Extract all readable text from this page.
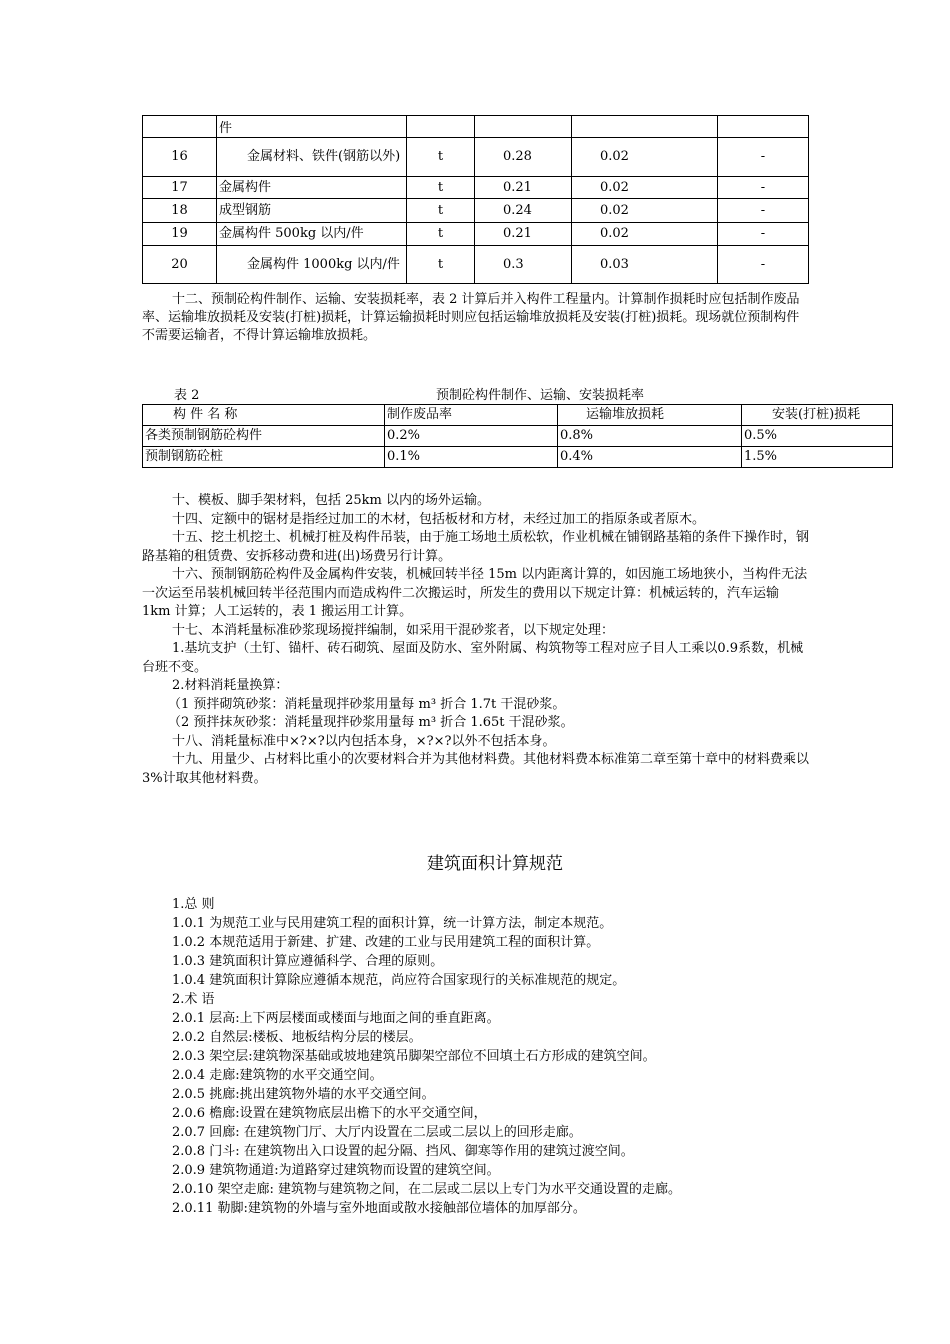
	件				
16	金属材料、铁件(钢筋以外)	t	0.28	0.02	-
17	金属构件	t	0.21	0.02	-
18	成型钢筋	t	0.24	0.02	-
19	金属构件 500kg 以内/件	t	0.21	0.02	-
20	金属构件 1000kg 以内/件	t	0.3	0.03	-

十二、预制砼构件制作、运输、安装损耗率，表 2 计算后并入构件工程量内。计算制作损耗时应包括制作废品率、运输堆放损耗及安装(打桩)损耗，计算运输损耗时则应包括运输堆放损耗及安装(打桩)损耗。现场就位预制构件不需要运输者，不得计算运输堆放损耗。

表 2	预制砼构件制作、运输、安装损耗率
构 件 名 称	制作废品率	运输堆放损耗	安装(打桩)损耗
各类预制钢筋砼构件	0.2%	0.8%	0.5%
预制钢筋砼桩	0.1%	0.4%	1.5%

十、模板、脚手架材料，包括 25km 以内的场外运输。

十四、定额中的锯材是指经过加工的木材，包括板材和方材，未经过加工的指原条或者原木。

十五、挖土机挖土、机械打桩及构件吊装，由于施工场地土质松软，作业机械在铺钢路基箱的条件下操作时，钢路基箱的租赁费、安拆移动费和进(出)场费另行计算。

十六、预制钢筋砼构件及金属构件安装，机械回转半径 15m 以内距离计算的，如因施工场地狭小，当构件无法一次运至吊装机械回转半径范围内而造成构件二次搬运时，所发生的费用以下规定计算：机械运转的，汽车运输 1km 计算；人工运转的，表 1 搬运用工计算。

十七、本消耗量标准砂浆现场搅拌编制，如采用干混砂浆者，以下规定处理：

1.基坑支护（土钉、锚杆、砖石砌筑、屋面及防水、室外附属、构筑物等工程对应子目人工乘以0.9系数，机械台班不变。

2.材料消耗量换算：

（1 预拌砌筑砂浆：消耗量现拌砂浆用量每 m³ 折合 1.7t 干混砂浆。

（2 预拌抹灰砂浆：消耗量现拌砂浆用量每 m³ 折合 1.65t 干混砂浆。

十八、消耗量标准中×?×?以内包括本身，×?×?以外不包括本身。

十九、用量少、占材料比重小的次要材料合并为其他材料费。其他材料费本标准第二章至第十章中的材料费乘以 3%计取其他材料费。

建筑面积计算规范

1.总 则

1.0.1 为规范工业与民用建筑工程的面积计算，统一计算方法，制定本规范。

1.0.2 本规范适用于新建、扩建、改建的工业与民用建筑工程的面积计算。

1.0.3 建筑面积计算应遵循科学、合理的原则。

1.0.4 建筑面积计算除应遵循本规范，尚应符合国家现行的关标准规范的规定。

2.术 语

2.0.1 层高:上下两层楼面或楼面与地面之间的垂直距离。

2.0.2 自然层:楼板、地板结构分层的楼层。

2.0.3 架空层:建筑物深基础或坡地建筑吊脚架空部位不回填土石方形成的建筑空间。

2.0.4 走廊:建筑物的水平交通空间。

2.0.5 挑廊:挑出建筑物外墙的水平交通空间。

2.0.6 檐廊:设置在建筑物底层出檐下的水平交通空间，

2.0.7 回廊: 在建筑物门厅、大厅内设置在二层或二层以上的回形走廊。

2.0.8 门斗: 在建筑物出入口设置的起分隔、挡风、御寒等作用的建筑过渡空间。

2.0.9 建筑物通道:为道路穿过建筑物而设置的建筑空间。

2.0.10 架空走廊: 建筑物与建筑物之间，在二层或二层以上专门为水平交通设置的走廊。

2.0.11 勒脚:建筑物的外墙与室外地面或散水接触部位墙体的加厚部分。
